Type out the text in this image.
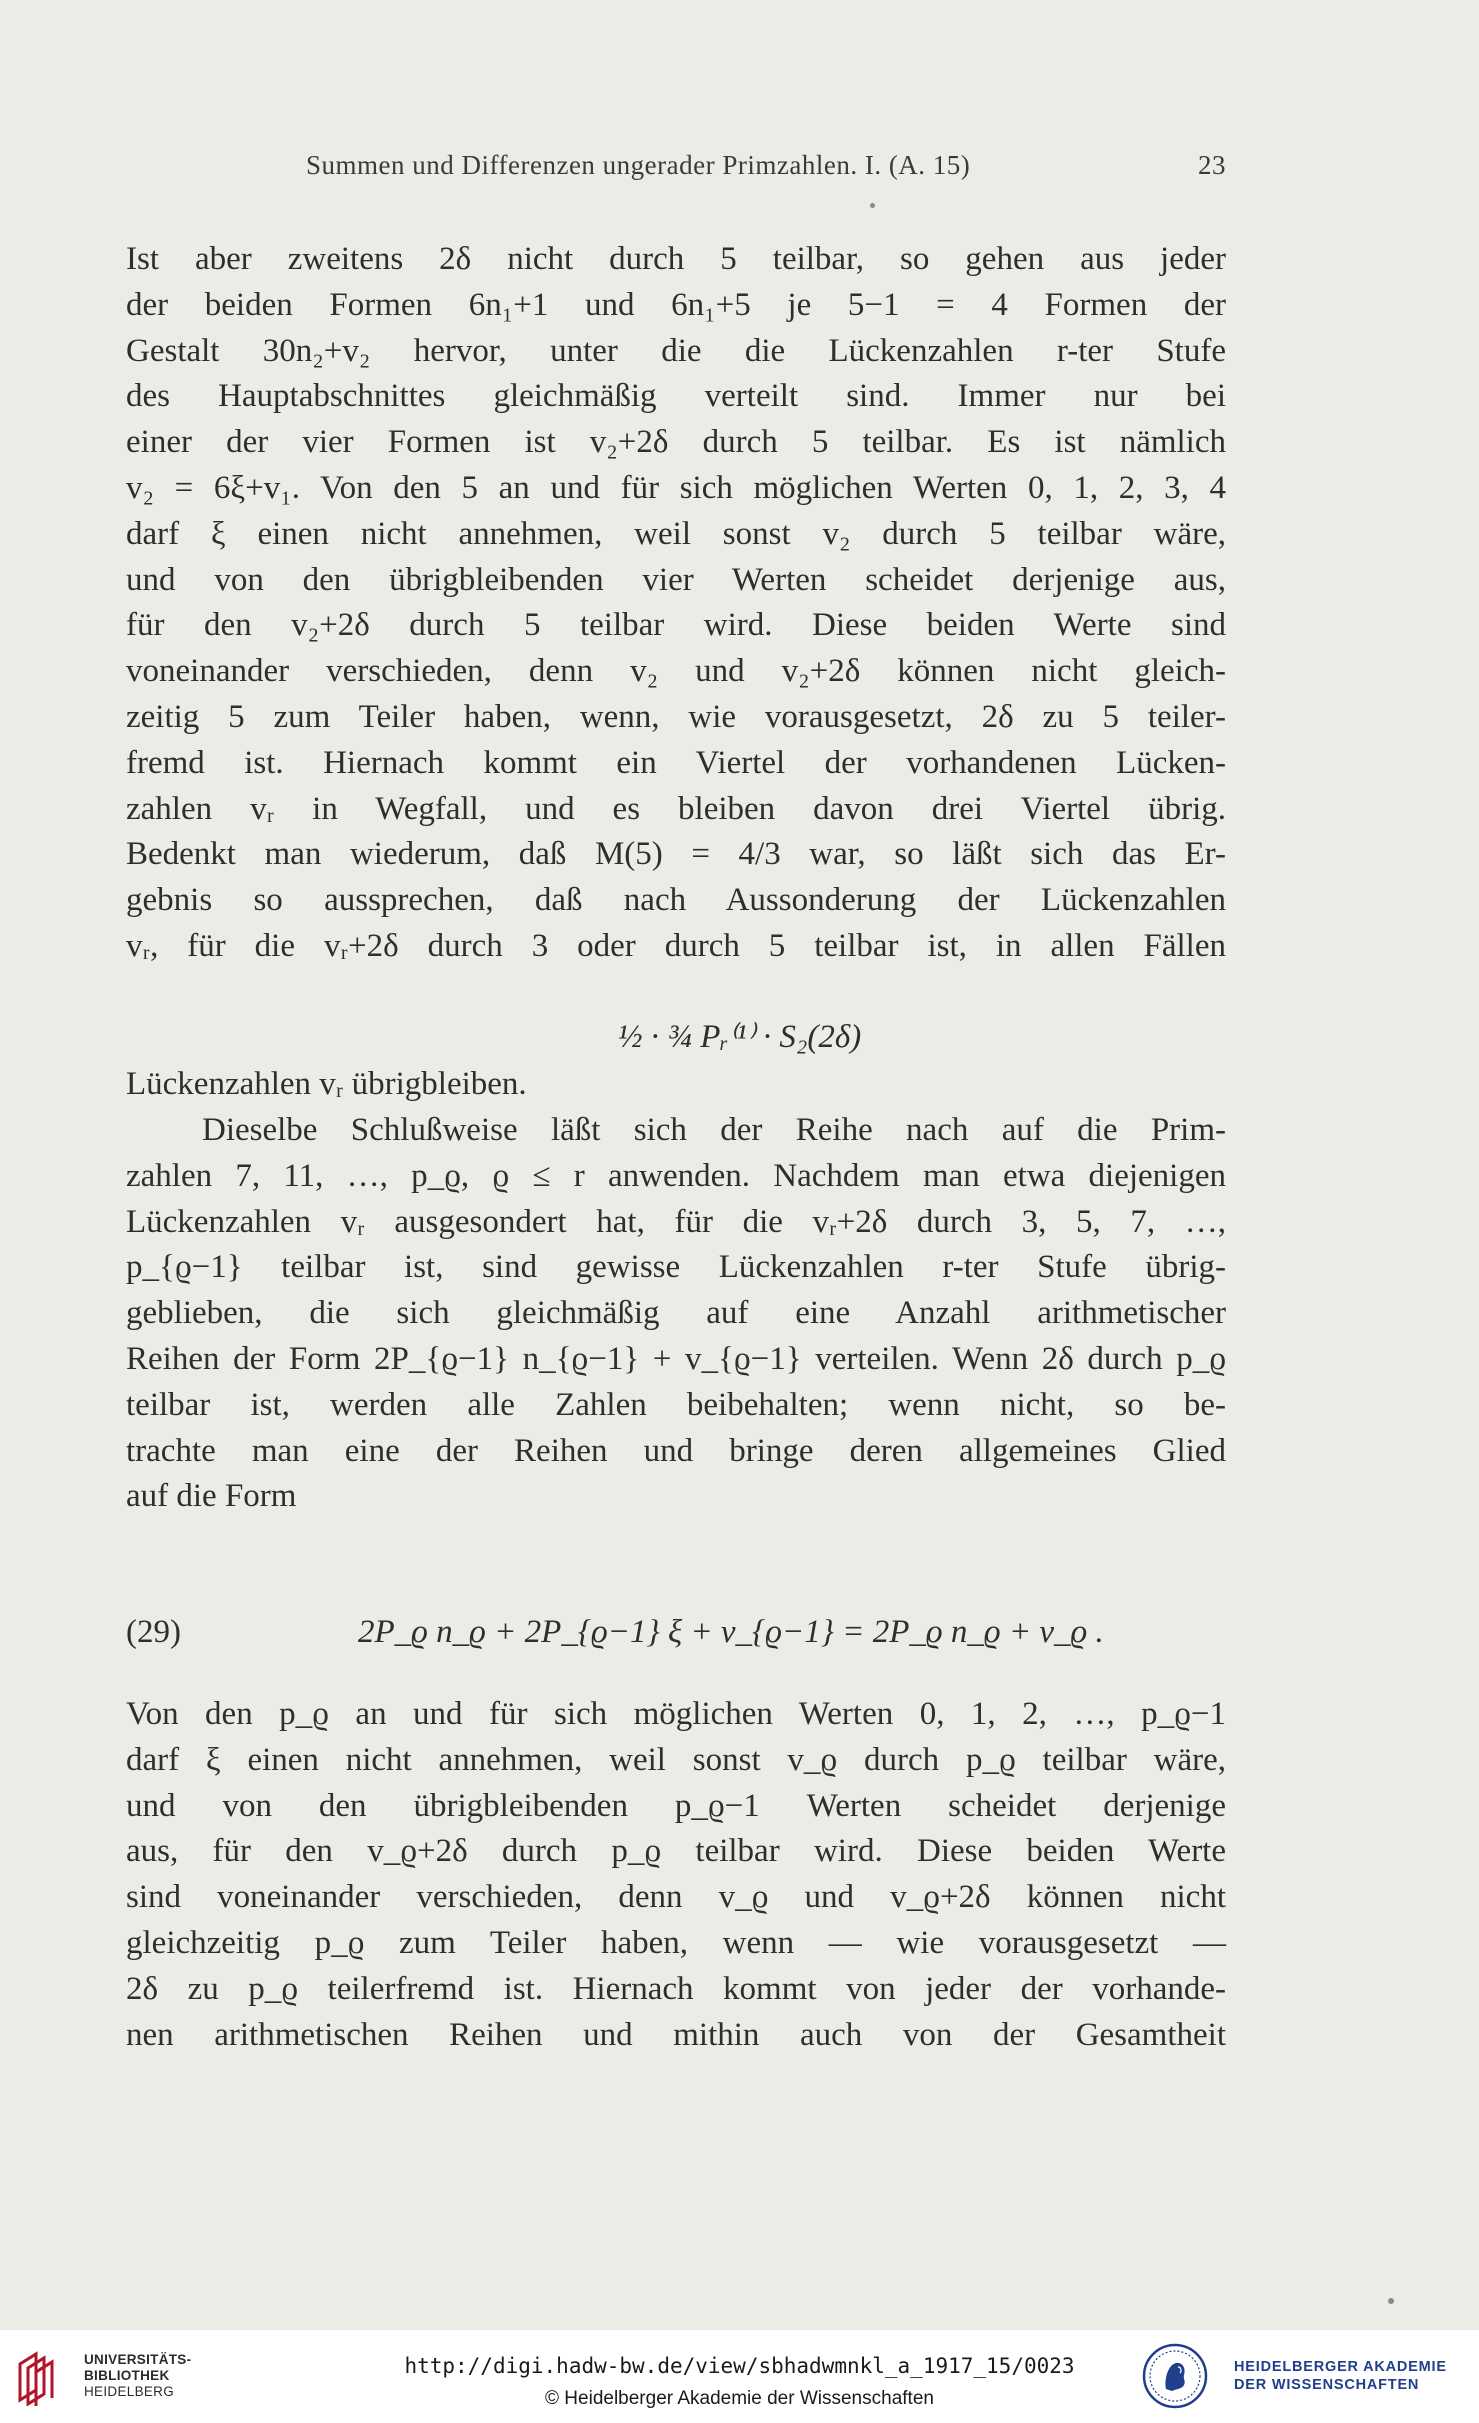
Summen und Differenzen ungerader Primzahlen. I. (A. 15)	23
Ist aber zweitens 2δ nicht durch 5 teilbar, so gehen aus jeder
der beiden Formen 6n₁+1 und 6n₁+5 je 5−1 = 4 Formen der
Gestalt 30n₂+v₂ hervor, unter die die Lückenzahlen r-ter Stufe
des Hauptabschnittes gleichmäßig verteilt sind. Immer nur bei
einer der vier Formen ist v₂+2δ durch 5 teilbar. Es ist nämlich
v₂ = 6ξ+v₁. Von den 5 an und für sich möglichen Werten 0, 1, 2, 3, 4
darf ξ einen nicht annehmen, weil sonst v₂ durch 5 teilbar wäre,
und von den übrigbleibenden vier Werten scheidet derjenige aus,
für den v₂+2δ durch 5 teilbar wird. Diese beiden Werte sind
voneinander verschieden, denn v₂ und v₂+2δ können nicht gleich-
zeitig 5 zum Teiler haben, wenn, wie vorausgesetzt, 2δ zu 5 teiler-
fremd ist. Hiernach kommt ein Viertel der vorhandenen Lücken-
zahlen vᵣ in Wegfall, und es bleiben davon drei Viertel übrig.
Bedenkt man wiederum, daß M(5) = 4/3 war, so läßt sich das Er-
gebnis so aussprechen, daß nach Aussonderung der Lückenzahlen
vᵣ, für die vᵣ+2δ durch 3 oder durch 5 teilbar ist, in allen Fällen
½ · ¾ Pᵣ⁽¹⁾ · S₂(2δ)
Lückenzahlen vᵣ übrigbleiben.
Dieselbe Schlußweise läßt sich der Reihe nach auf die Prim-
zahlen 7, 11, …, p_ϱ, ϱ ≤ r anwenden. Nachdem man etwa diejenigen
Lückenzahlen vᵣ ausgesondert hat, für die vᵣ+2δ durch 3, 5, 7, …,
p_{ϱ−1} teilbar ist, sind gewisse Lückenzahlen r-ter Stufe übrig-
geblieben, die sich gleichmäßig auf eine Anzahl arithmetischer
Reihen der Form 2P_{ϱ−1} n_{ϱ−1} + v_{ϱ−1} verteilen. Wenn 2δ durch p_ϱ
teilbar ist, werden alle Zahlen beibehalten; wenn nicht, so be-
trachte man eine der Reihen und bringe deren allgemeines Glied
auf die Form
(29)	2P_ϱ n_ϱ + 2P_{ϱ−1} ξ + v_{ϱ−1} = 2P_ϱ n_ϱ + v_ϱ .
Von den p_ϱ an und für sich möglichen Werten 0, 1, 2, …, p_ϱ−1
darf ξ einen nicht annehmen, weil sonst v_ϱ durch p_ϱ teilbar wäre,
und von den übrigbleibenden p_ϱ−1 Werten scheidet derjenige
aus, für den v_ϱ+2δ durch p_ϱ teilbar wird. Diese beiden Werte
sind voneinander verschieden, denn v_ϱ und v_ϱ+2δ können nicht
gleichzeitig p_ϱ zum Teiler haben, wenn — wie vorausgesetzt —
2δ zu p_ϱ teilerfremd ist. Hiernach kommt von jeder der vorhande-
nen arithmetischen Reihen und mithin auch von der Gesamtheit
UNIVERSITÄTS-
BIBLIOTHEK
HEIDELBERG
http://digi.hadw-bw.de/view/sbhadwmnkl_a_1917_15/0023
© Heidelberger Akademie der Wissenschaften
HEIDELBERGER AKADEMIE
DER WISSENSCHAFTEN
